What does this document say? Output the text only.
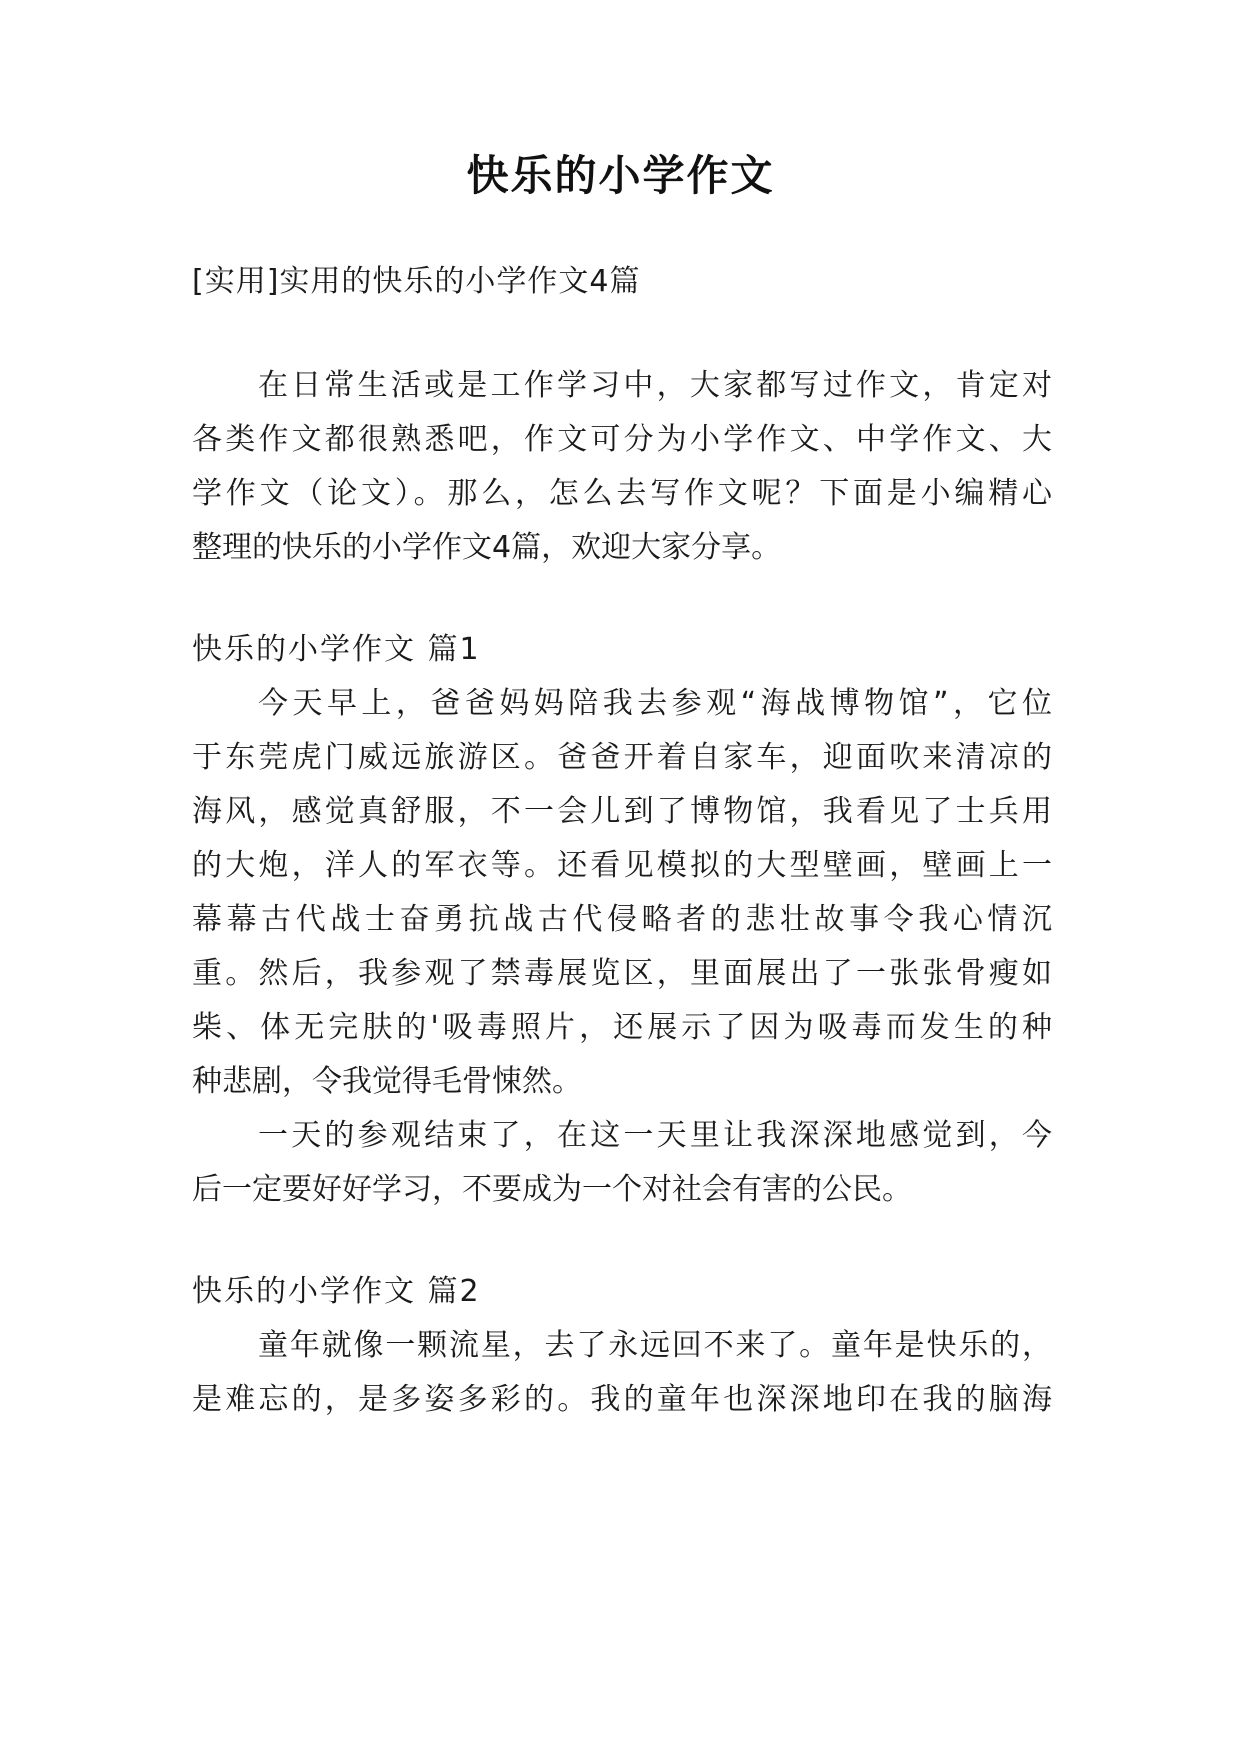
快乐的小学作文
[实用]实用的快乐的小学作文4篇
在日常生活或是工作学习中，大家都写过作文，肯定对
各类作文都很熟悉吧，作文可分为小学作文、中学作文、大
学作文（论文）。那么，怎么去写作文呢？下面是小编精心
整理的快乐的小学作文4篇，欢迎大家分享。
快乐的小学作文 篇1
今天早上，爸爸妈妈陪我去参观“海战博物馆”，它位
于东莞虎门威远旅游区。爸爸开着自家车，迎面吹来清凉的
海风，感觉真舒服，不一会儿到了博物馆，我看见了士兵用
的大炮，洋人的军衣等。还看见模拟的大型壁画，壁画上一
幕幕古代战士奋勇抗战古代侵略者的悲壮故事令我心情沉
重。然后，我参观了禁毒展览区，里面展出了一张张骨瘦如
柴、体无完肤的'吸毒照片，还展示了因为吸毒而发生的种
种悲剧，令我觉得毛骨悚然。
一天的参观结束了，在这一天里让我深深地感觉到，今
后一定要好好学习，不要成为一个对社会有害的公民。
快乐的小学作文 篇2
童年就像一颗流星，去了永远回不来了。童年是快乐的，
是难忘的，是多姿多彩的。我的童年也深深地印在我的脑海
